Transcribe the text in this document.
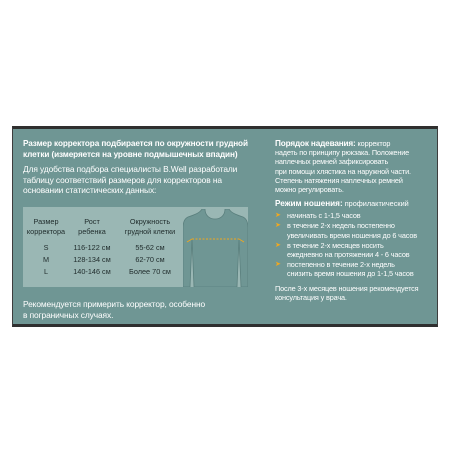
Размер корректора подбирается по окружности грудной
клетки (измеряется на уровне подмышечных впадин)
Для удобства подбора специалисты B.Well разработали
таблицу соответствий размеров для корректоров на
основании статистических данных:
Размер
корректора
S
M
L
Рост
ребенка
116-122 см
128-134 см
140-146 см
Окружность
грудной клетки
55-62 см
62-70 см
Более 70 см
Рекомендуется примерить корректор, особенно
в пограничных случаях.
Порядок надевания: корректор
надеть по принципу рюкзака. Положение
наплечных ремней зафиксировать
при помощи хлястика на наружной части.
Степень натяжения наплечных ремней
можно регулировать.
Режим ношения: профилактический
➤ начинать с 1-1,5 часов
➤ в течение 2-х недель постепенно
увеличивать время ношения до 6 часов
➤ в течение 2-х месяцев носить
ежедневно на протяжении 4 - 6 часов
➤ постепенно в течение 2-х недель
снизить время ношения до 1-1,5 часов
После 3-х месяцев ношения рекомендуется
консультация у врача.
